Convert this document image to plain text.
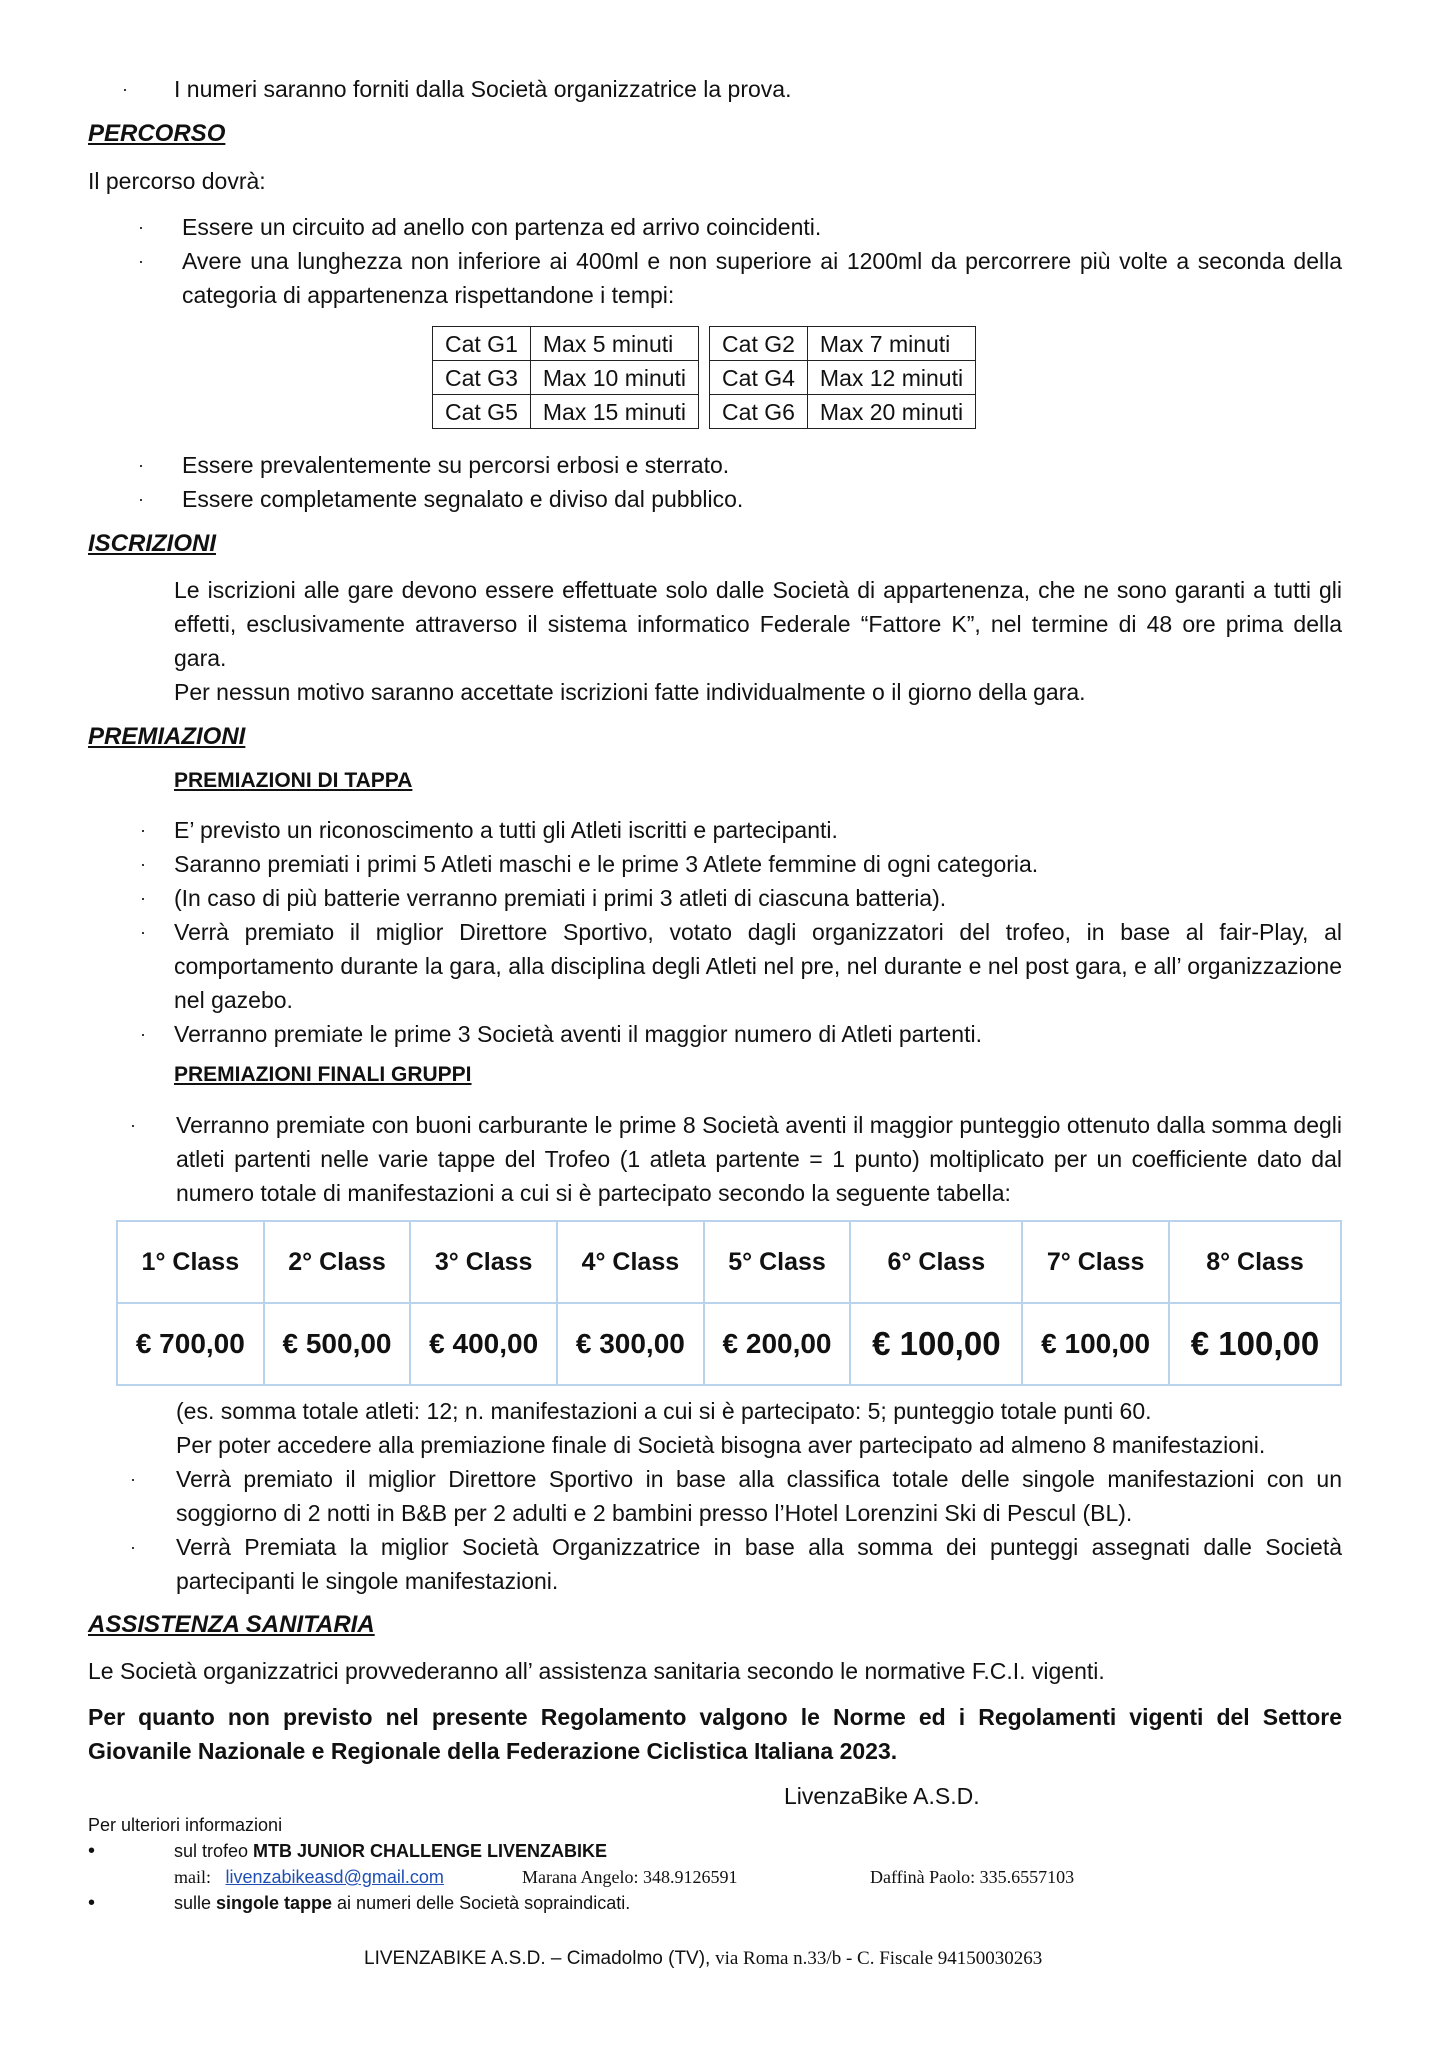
· I numeri saranno forniti dalla Società organizzatrice la prova.
PERCORSO
Il percorso dovrà:
· Essere un circuito ad anello con partenza ed arrivo coincidenti.
· Avere una lunghezza non inferiore ai 400ml e non superiore ai 1200ml da percorrere più volte a seconda della categoria di appartenenza rispettandone i tempi:
Cat G1	Max 5 minuti		Cat G2	Max 7 minuti
Cat G3	Max 10 minuti		Cat G4	Max 12 minuti
Cat G5	Max 15 minuti		Cat G6	Max 20 minuti
· Essere prevalentemente su percorsi erbosi e sterrato.
· Essere completamente segnalato e diviso dal pubblico.
ISCRIZIONI
Le iscrizioni alle gare devono essere effettuate solo dalle Società di appartenenza, che ne sono garanti a tutti gli effetti, esclusivamente attraverso il sistema informatico Federale “Fattore K”, nel termine di 48 ore prima della gara.
Per nessun motivo saranno accettate iscrizioni fatte individualmente o il giorno della gara.
PREMIAZIONI
PREMIAZIONI DI TAPPA
· E’ previsto un riconoscimento a tutti gli Atleti iscritti e partecipanti.
· Saranno premiati i primi 5 Atleti maschi e le prime 3 Atlete femmine di ogni categoria.
· (In caso di più batterie verranno premiati i primi 3 atleti di ciascuna batteria).
· Verrà premiato il miglior Direttore Sportivo, votato dagli organizzatori del trofeo, in base al fair-Play, al comportamento durante la gara, alla disciplina degli Atleti nel pre, nel durante e nel post gara, e all’ organizzazione nel gazebo.
· Verranno premiate le prime 3 Società aventi il maggior numero di Atleti partenti.
PREMIAZIONI FINALI GRUPPI
· Verranno premiate con buoni carburante le prime 8 Società aventi il maggior punteggio ottenuto dalla somma degli atleti partenti nelle varie tappe del Trofeo (1 atleta partente = 1 punto) moltiplicato per un coefficiente dato dal numero totale di manifestazioni a cui si è partecipato secondo la seguente tabella:
1° Class	2° Class	3° Class	4° Class	5° Class	6° Class	7° Class	8° Class
€ 700,00	€ 500,00	€ 400,00	€ 300,00	€ 200,00	€ 100,00	€ 100,00	€ 100,00
(es. somma totale atleti: 12; n. manifestazioni a cui si è partecipato: 5; punteggio totale punti 60.
Per poter accedere alla premiazione finale di Società bisogna aver partecipato ad almeno 8 manifestazioni.
· Verrà premiato il miglior Direttore Sportivo in base alla classifica totale delle singole manifestazioni con un soggiorno di 2 notti in B&B per 2 adulti e 2 bambini presso l’Hotel Lorenzini Ski di Pescul (BL).
· Verrà Premiata la miglior Società Organizzatrice in base alla somma dei punteggi assegnati dalle Società partecipanti le singole manifestazioni.
ASSISTENZA SANITARIA
Le Società organizzatrici provvederanno all’ assistenza sanitaria secondo le normative F.C.I. vigenti.
Per quanto non previsto nel presente Regolamento valgono le Norme ed i Regolamenti vigenti del Settore Giovanile Nazionale e Regionale della Federazione Ciclistica Italiana 2023.
LivenzaBike A.S.D.
Per ulteriori informazioni
•	sul trofeo MTB JUNIOR CHALLENGE LIVENZABIKE
mail: livenzabikeasd@gmail.com	Marana Angelo: 348.9126591	Daffinà Paolo: 335.6557103
•	sulle singole tappe ai numeri delle Società sopraindicati.
LIVENZABIKE A.S.D. – Cimadolmo (TV), via Roma n.33/b - C. Fiscale 94150030263
